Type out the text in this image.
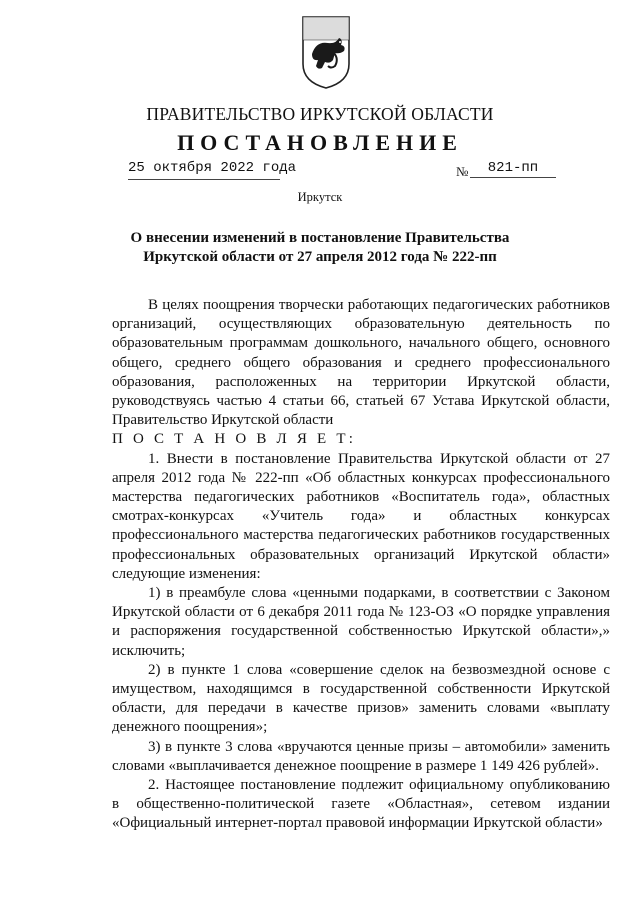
ПРАВИТЕЛЬСТВО ИРКУТСКОЙ ОБЛАСТИ
ПОСТАНОВЛЕНИЕ
25 октября 2022 года	№	821-пп
Иркутск
О внесении изменений в постановление Правительства Иркутской области от 27 апреля 2012 года № 222-пп

В целях поощрения творчески работающих педагогических работников организаций, осуществляющих образовательную деятельность по образовательным программам дошкольного, начального общего, основного общего, среднего общего образования и среднего профессионального образования, расположенных на территории Иркутской области, руководствуясь частью 4 статьи 66, статьей 67 Устава Иркутской области, Правительство Иркутской области

П О С Т А Н О В Л Я Е Т:

1. Внести в постановление Правительства Иркутской области от 27 апреля 2012 года № 222-пп «Об областных конкурсах профессионального мастерства педагогических работников «Воспитатель года», областных смотрах-конкурсах «Учитель года» и областных конкурсах профессионального мастерства педагогических работников государственных профессиональных образовательных организаций Иркутской области» следующие изменения:

1) в преамбуле слова «ценными подарками, в соответствии с Законом Иркутской области от 6 декабря 2011 года № 123-ОЗ «О порядке управления и распоряжения государственной собственностью Иркутской области»,» исключить;

2) в пункте 1 слова «совершение сделок на безвозмездной основе с имуществом, находящимся в государственной собственности Иркутской области, для передачи в качестве призов» заменить словами «выплату денежного поощрения»;

3) в пункте 3 слова «вручаются ценные призы – автомобили» заменить словами «выплачивается денежное поощрение в размере 1 149 426 рублей».

2. Настоящее постановление подлежит официальному опубликованию в общественно-политической газете «Областная», сетевом издании «Официальный интернет-портал правовой информации Иркутской области»
